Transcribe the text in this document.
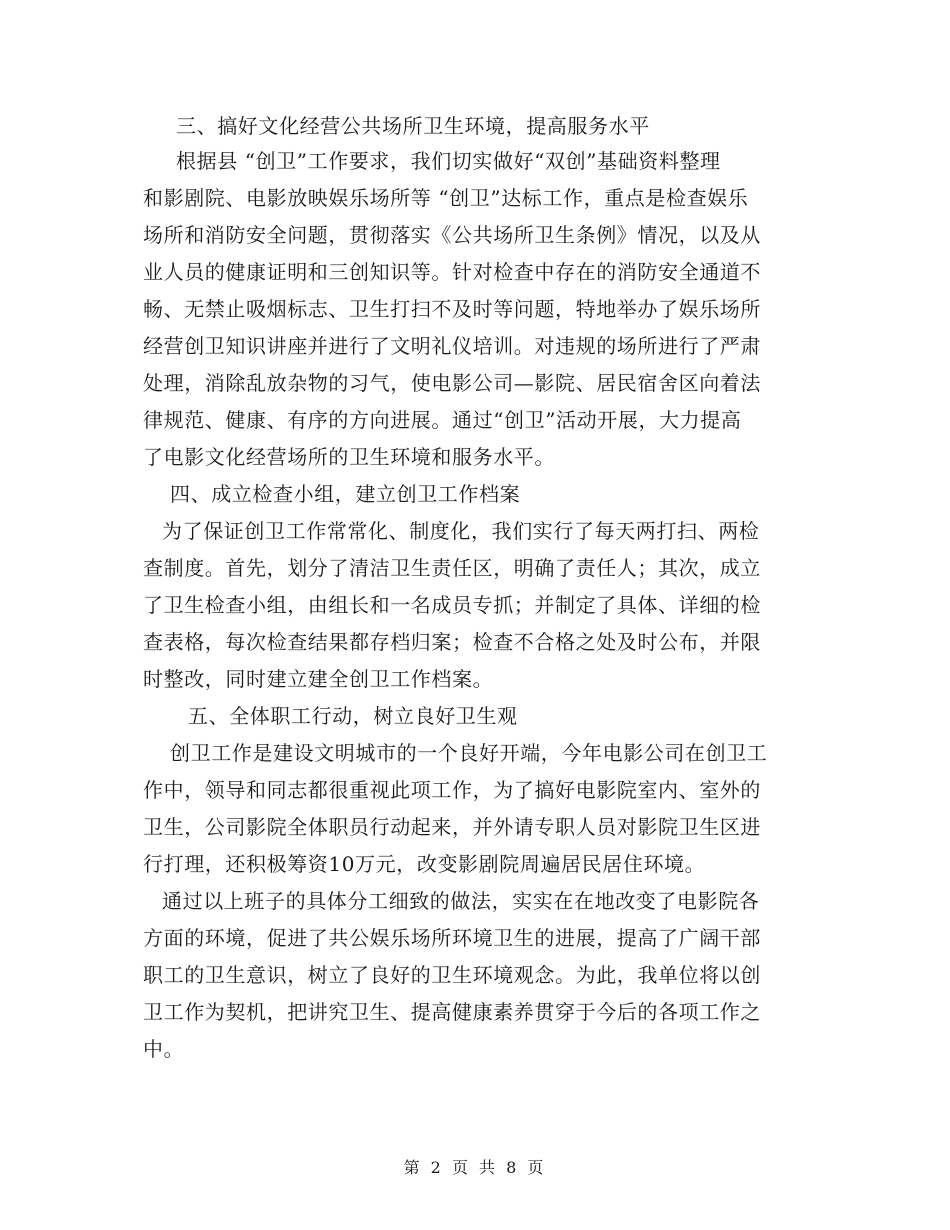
三、搞好文化经营公共场所卫生环境，提高服务水平
根据县 “创卫”工作要求，我们切实做好“双创”基础资料整理
和影剧院、电影放映娱乐场所等 “创卫”达标工作，重点是检查娱乐
场所和消防安全问题，贯彻落实《公共场所卫生条例》情况，以及从
业人员的健康证明和三创知识等。针对检查中存在的消防安全通道不
畅、无禁止吸烟标志、卫生打扫不及时等问题，特地举办了娱乐场所
经营创卫知识讲座并进行了文明礼仪培训。对违规的场所进行了严肃
处理，消除乱放杂物的习气，使电影公司—影院、居民宿舍区向着法
律规范、健康、有序的方向进展。通过“创卫”活动开展，大力提高
了电影文化经营场所的卫生环境和服务水平。
四、成立检查小组，建立创卫工作档案
为了保证创卫工作常常化、制度化，我们实行了每天两打扫、两检
查制度。首先，划分了清洁卫生责任区，明确了责任人；其次，成立
了卫生检查小组，由组长和一名成员专抓；并制定了具体、详细的检
查表格，每次检查结果都存档归案；检查不合格之处及时公布，并限
时整改，同时建立建全创卫工作档案。
五、全体职工行动，树立良好卫生观
创卫工作是建设文明城市的一个良好开端，今年电影公司在创卫工
作中，领导和同志都很重视此项工作，为了搞好电影院室内、室外的
卫生，公司影院全体职员行动起来，并外请专职人员对影院卫生区进
行打理，还积极筹资10万元，改变影剧院周遍居民居住环境。
通过以上班子的具体分工细致的做法，实实在在地改变了电影院各
方面的环境，促进了共公娱乐场所环境卫生的进展，提高了广阔干部
职工的卫生意识，树立了良好的卫生环境观念。为此，我单位将以创
卫工作为契机，把讲究卫生、提高健康素养贯穿于今后的各项工作之
中。
第 2 页 共 8 页
